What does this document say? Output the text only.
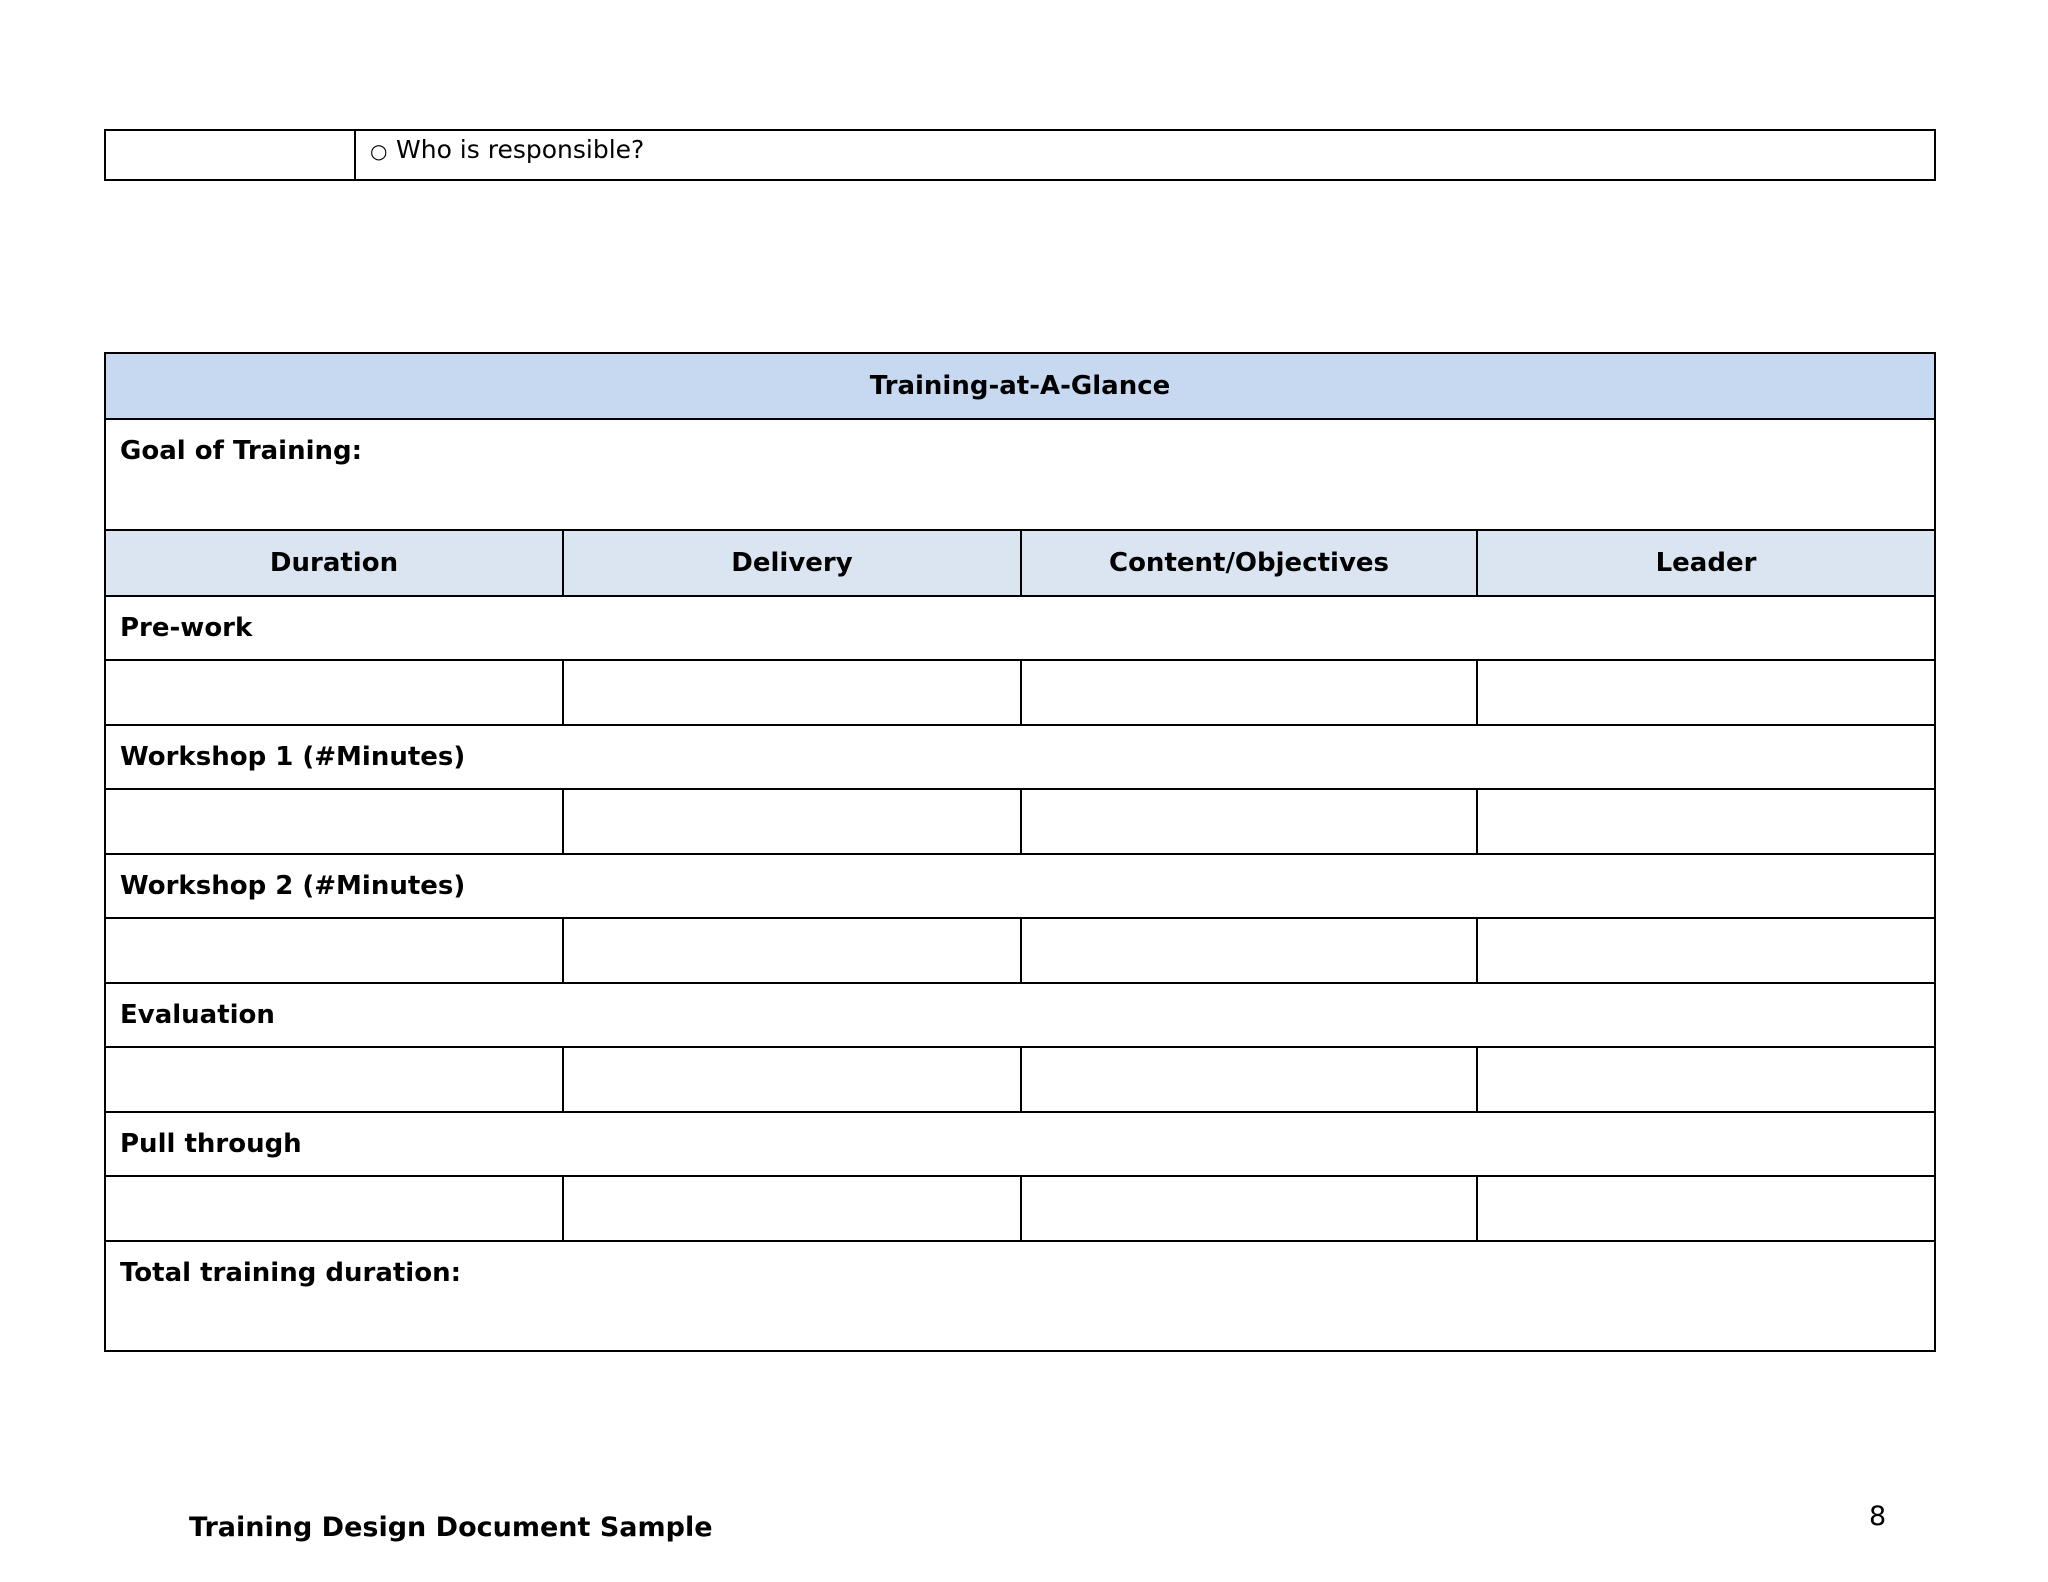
○ Who is responsible?
Training-at-A-Glance			
Goal of Training:			
Duration	Delivery	Content/Objectives	Leader
Pre-work			

Workshop 1 (#Minutes)			

Workshop 2 (#Minutes)			

Evaluation			

Pull through			

Total training duration:			
Training Design Document Sample	8
